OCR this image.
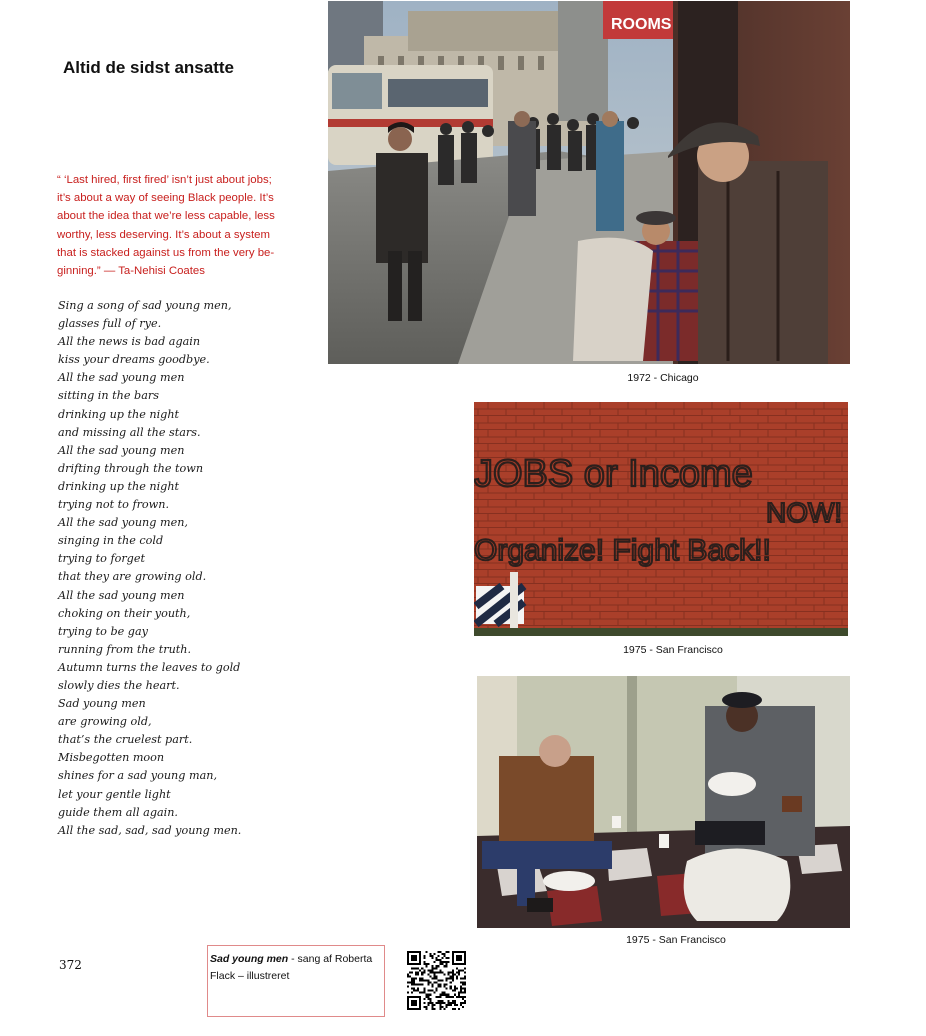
Altid de sidst ansatte
“ ‘Last hired, first fired’ isn’t just about jobs;
it’s about a way of seeing Black people. It’s
about the idea that we’re less capable, less
worthy, less deserving. It’s about a system
that is stacked against us from the very be-
ginning.” — Ta-Nehisi Coates
Sing a song of sad young men,
glasses full of rye.
All the news is bad again
kiss your dreams goodbye.
All the sad young men
sitting in the bars
drinking up the night
and missing all the stars.
All the sad young men
drifting through the town
drinking up the night
trying not to frown.
All the sad young men,
singing in the cold
trying to forget
that they are growing old.
All the sad young men
choking on their youth,
trying to be gay
running from the truth.
Autumn turns the leaves to gold
slowly dies the heart.
Sad young men
are growing old,
that’s the cruelest part.
Misbegotten moon
shines for a sad young man,
let your gentle light
guide them all again.
All the sad, sad, sad young men.
ROOMS
1972 - Chicago
JOBS or Income
NOW!
Organize! Fight Back!!
1975 - San Francisco
1975 - San Francisco
372	Sad young men - sang af Roberta
Flack – illustreret
